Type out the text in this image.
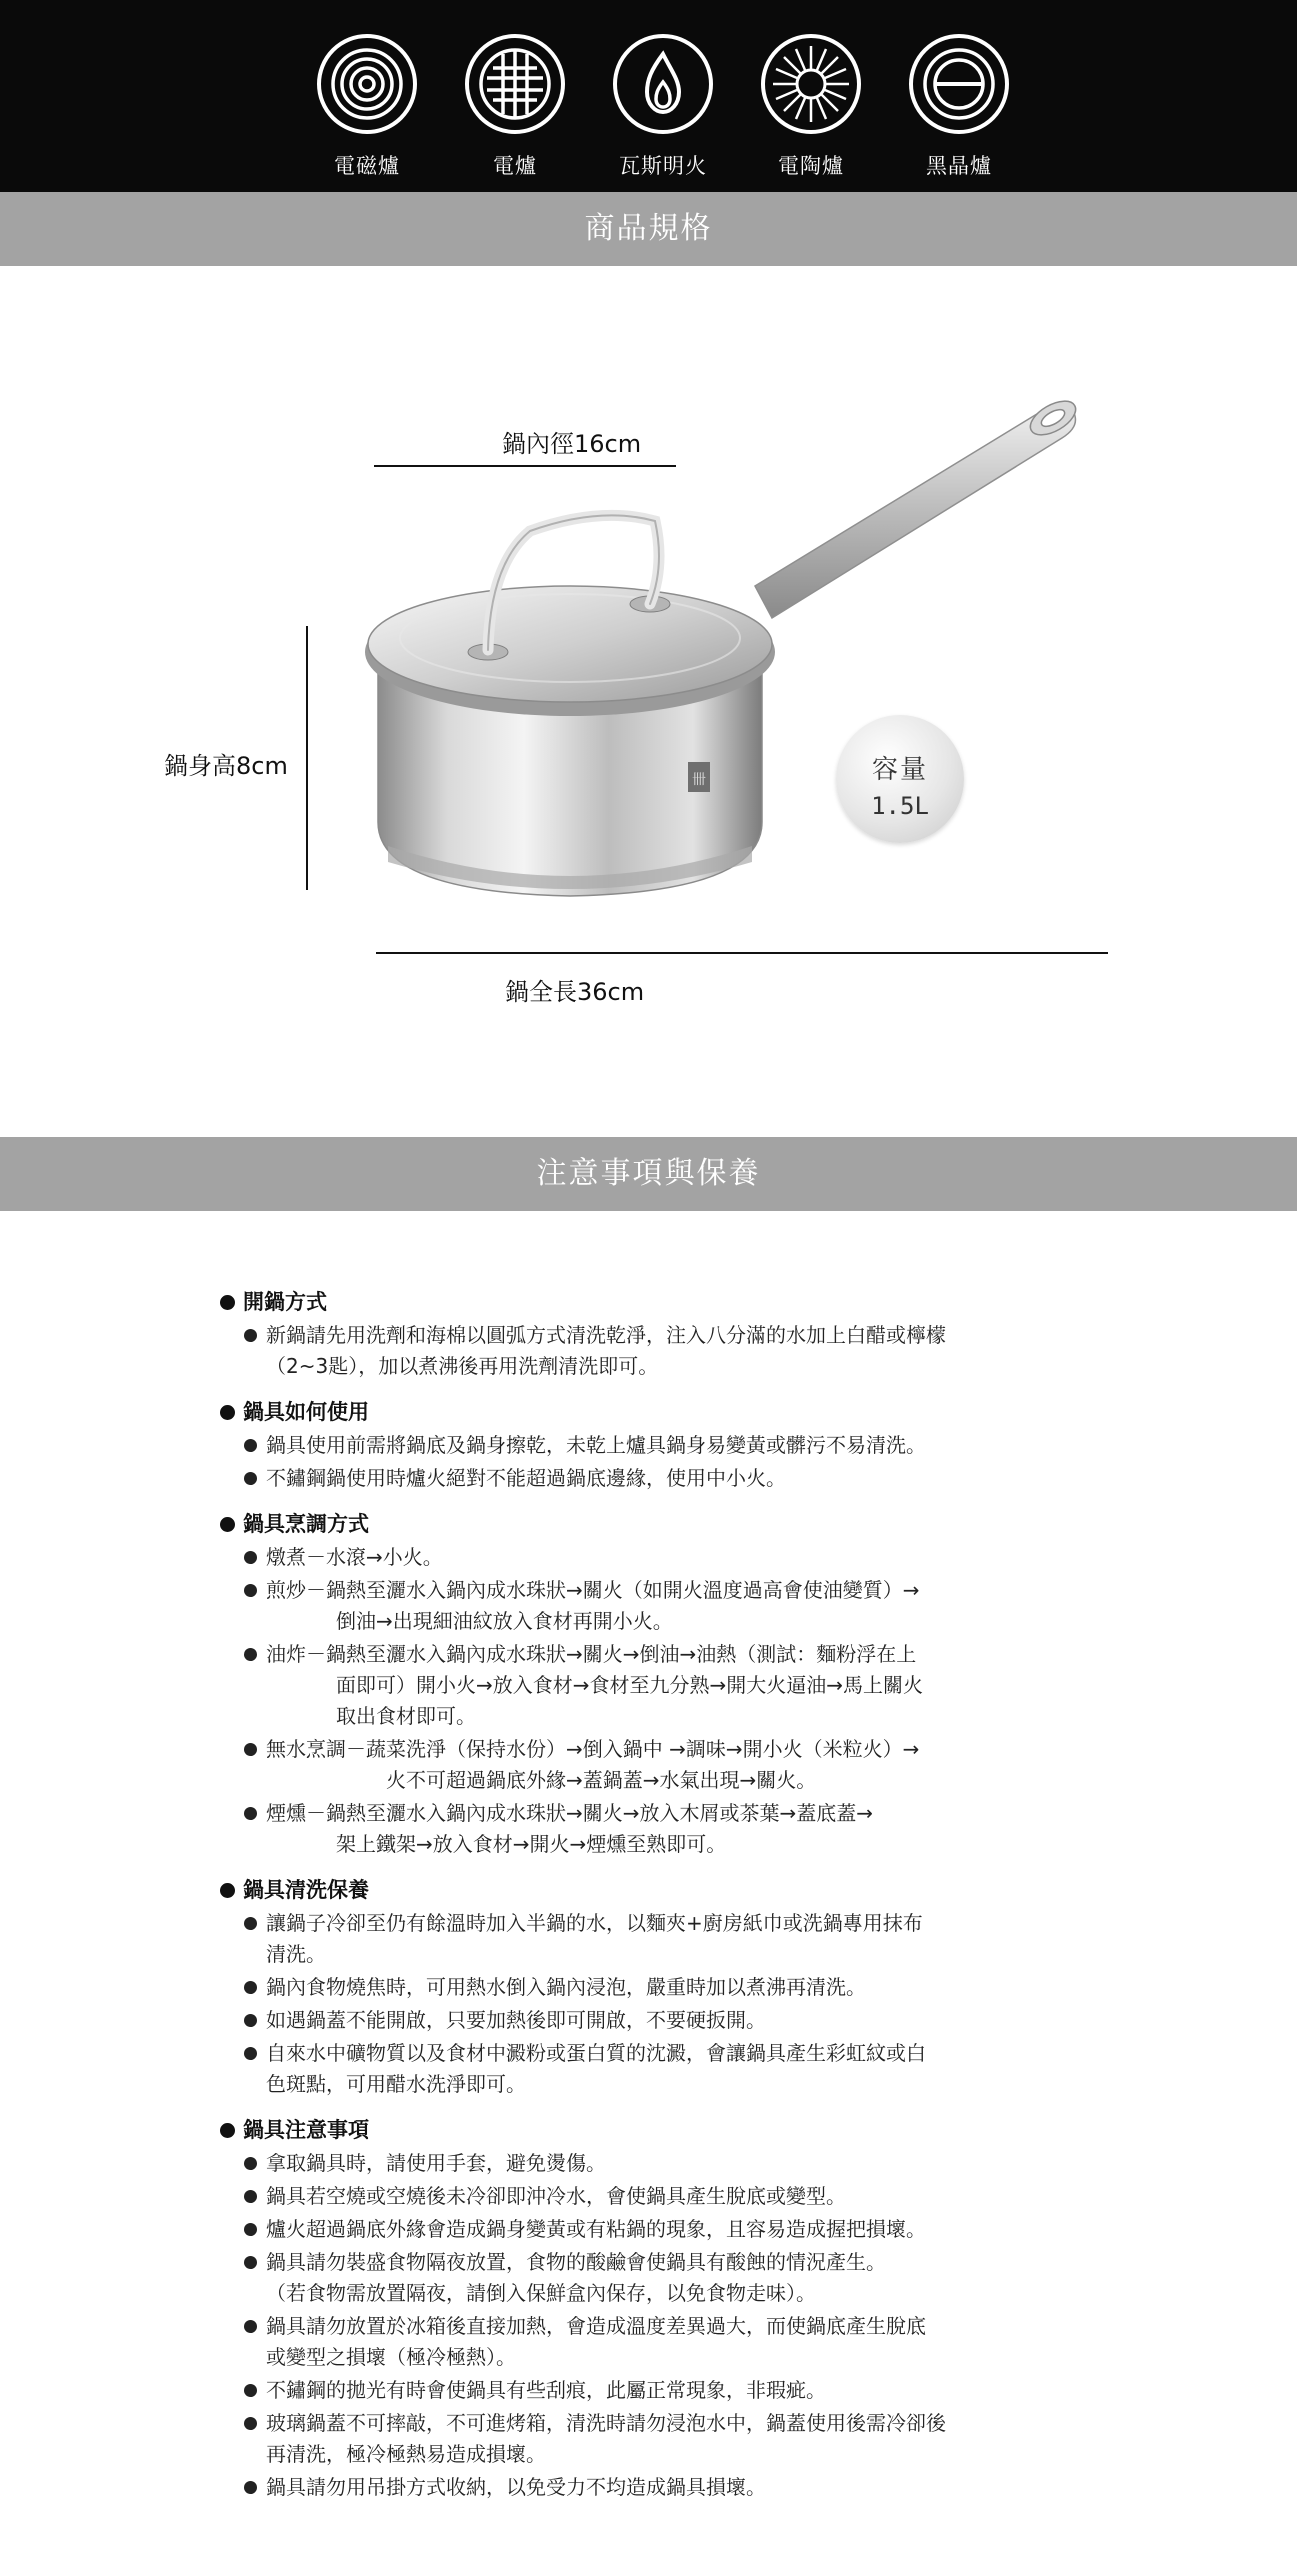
電磁爐	電爐	瓦斯明火	電陶爐	黑晶爐
商品規格
卌
鍋內徑16cm
鍋身高8cm
鍋全長36cm
容量
1.5L
注意事項與保養
開鍋方式
新鍋請先用洗劑和海棉以圓弧方式清洗乾淨，注入八分滿的水加上白醋或檸檬
（2~3匙），加以煮沸後再用洗劑清洗即可。
鍋具如何使用
鍋具使用前需將鍋底及鍋身擦乾，未乾上爐具鍋身易變黃或髒污不易清洗。
不鏽鋼鍋使用時爐火絕對不能超過鍋底邊緣，使用中小火。
鍋具烹調方式
燉煮－水滾→小火。
煎炒－鍋熱至灑水入鍋內成水珠狀→關火（如開火溫度過高會使油變質）→
倒油→出現細油紋放入食材再開小火。
油炸－鍋熱至灑水入鍋內成水珠狀→關火→倒油→油熱（測試：麵粉浮在上
面即可）開小火→放入食材→食材至九分熟→開大火逼油→馬上關火
取出食材即可。
無水烹調－蔬菜洗淨（保持水份）→倒入鍋中 →調味→開小火（米粒火）→
火不可超過鍋底外緣→蓋鍋蓋→水氣出現→關火。
煙燻－鍋熱至灑水入鍋內成水珠狀→關火→放入木屑或茶葉→蓋底蓋→
架上鐵架→放入食材→開火→煙燻至熟即可。
鍋具清洗保養
讓鍋子冷卻至仍有餘溫時加入半鍋的水，以麵夾+廚房紙巾或洗鍋專用抹布
清洗。
鍋內食物燒焦時，可用熱水倒入鍋內浸泡，嚴重時加以煮沸再清洗。
如遇鍋蓋不能開啟，只要加熱後即可開啟，不要硬扳開。
自來水中礦物質以及食材中澱粉或蛋白質的沈澱，會讓鍋具產生彩虹紋或白
色斑點，可用醋水洗淨即可。
鍋具注意事項
拿取鍋具時，請使用手套，避免燙傷。
鍋具若空燒或空燒後未冷卻即沖冷水，會使鍋具產生脫底或變型。
爐火超過鍋底外緣會造成鍋身變黃或有粘鍋的現象，且容易造成握把損壞。
鍋具請勿裝盛食物隔夜放置，食物的酸鹼會使鍋具有酸蝕的情況產生。
（若食物需放置隔夜，請倒入保鮮盒內保存，以免食物走味）。
鍋具請勿放置於冰箱後直接加熱，會造成溫度差異過大，而使鍋底產生脫底
或變型之損壞（極冷極熱）。
不鏽鋼的拋光有時會使鍋具有些刮痕，此屬正常現象，非瑕疵。
玻璃鍋蓋不可摔敲，不可進烤箱，清洗時請勿浸泡水中，鍋蓋使用後需冷卻後
再清洗，極冷極熱易造成損壞。
鍋具請勿用吊掛方式收納，以免受力不均造成鍋具損壞。
